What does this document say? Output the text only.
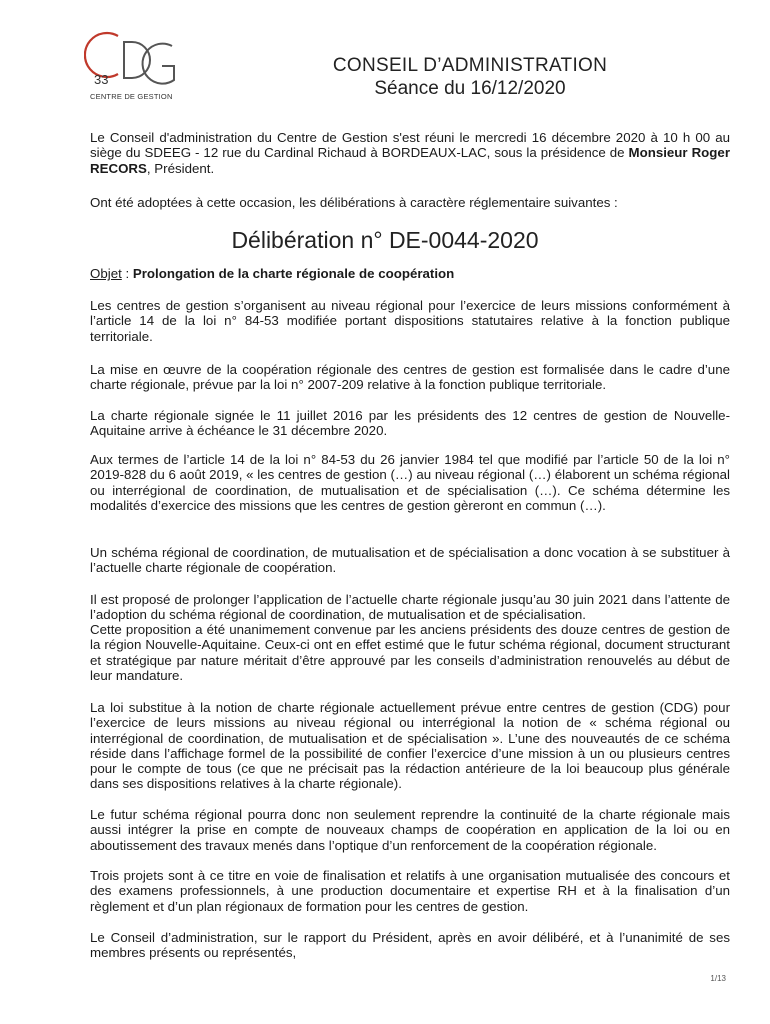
33
CENTRE DE GESTION
CONSEIL D’ADMINISTRATION
Séance du 16/12/2020

Le Conseil d'administration du Centre de Gestion s'est réuni le mercredi 16 décembre 2020 à 10 h 00 au siège du SDEEG - 12 rue du Cardinal Richaud à BORDEAUX-LAC, sous la présidence de Monsieur Roger RECORS, Président.

Ont été adoptées à cette occasion, les délibérations à caractère réglementaire suivantes :

Délibération n° DE-0044-2020

Objet : Prolongation de la charte régionale de coopération

Les centres de gestion s’organisent au niveau régional pour l’exercice de leurs missions conformément à l’article 14 de la loi n° 84-53 modifiée portant dispositions statutaires relative à la fonction publique territoriale.

La mise en œuvre de la coopération régionale des centres de gestion est formalisée dans le cadre d’une charte régionale, prévue par la loi n° 2007-209 relative à la fonction publique territoriale.

La charte régionale signée le 11 juillet 2016 par les présidents des 12 centres de gestion de Nouvelle-Aquitaine arrive à échéance le 31 décembre 2020.

Aux termes de l’article 14 de la loi n° 84-53 du 26 janvier 1984 tel que modifié par l’article 50 de la loi n° 2019-828 du 6 août 2019, « les centres de gestion (…) au niveau régional (…) élaborent un schéma régional ou interrégional de coordination, de mutualisation et de spécialisation (…). Ce schéma détermine les modalités d’exercice des missions que les centres de gestion gèreront en commun (…).

Un schéma régional de coordination, de mutualisation et de spécialisation a donc vocation à se substituer à l’actuelle charte régionale de coopération.

Il est proposé de prolonger l’application de l’actuelle charte régionale jusqu’au 30 juin 2021 dans l’attente de l’adoption du schéma régional de coordination, de mutualisation et de spécialisation.

Cette proposition a été unanimement convenue par les anciens présidents des douze centres de gestion de la région Nouvelle-Aquitaine. Ceux-ci ont en effet estimé que le futur schéma régional, document structurant et stratégique par nature méritait d’être approuvé par les conseils d’administration renouvelés au début de leur mandature.

La loi substitue à la notion de charte régionale actuellement prévue entre centres de gestion (CDG) pour l’exercice de leurs missions au niveau régional ou interrégional la notion de « schéma régional ou interrégional de coordination, de mutualisation et de spécialisation ». L’une des nouveautés de ce schéma réside dans l’affichage formel de la possibilité de confier l’exercice d’une mission à un ou plusieurs centres pour le compte de tous (ce que ne précisait pas la rédaction antérieure de la loi beaucoup plus générale dans ses dispositions relatives à la charte régionale).

Le futur schéma régional pourra donc non seulement reprendre la continuité de la charte régionale mais aussi intégrer la prise en compte de nouveaux champs de coopération en application de la loi ou en aboutissement des travaux menés dans l’optique d’un renforcement de la coopération régionale.

Trois projets sont à ce titre en voie de finalisation et relatifs à une organisation mutualisée des concours et des examens professionnels, à une production documentaire et expertise RH et à la finalisation d’un règlement et d’un plan régionaux de formation pour les centres de gestion.

Le Conseil d’administration, sur le rapport du Président, après en avoir délibéré, et à l’unanimité de ses membres présents ou représentés,

1/13
